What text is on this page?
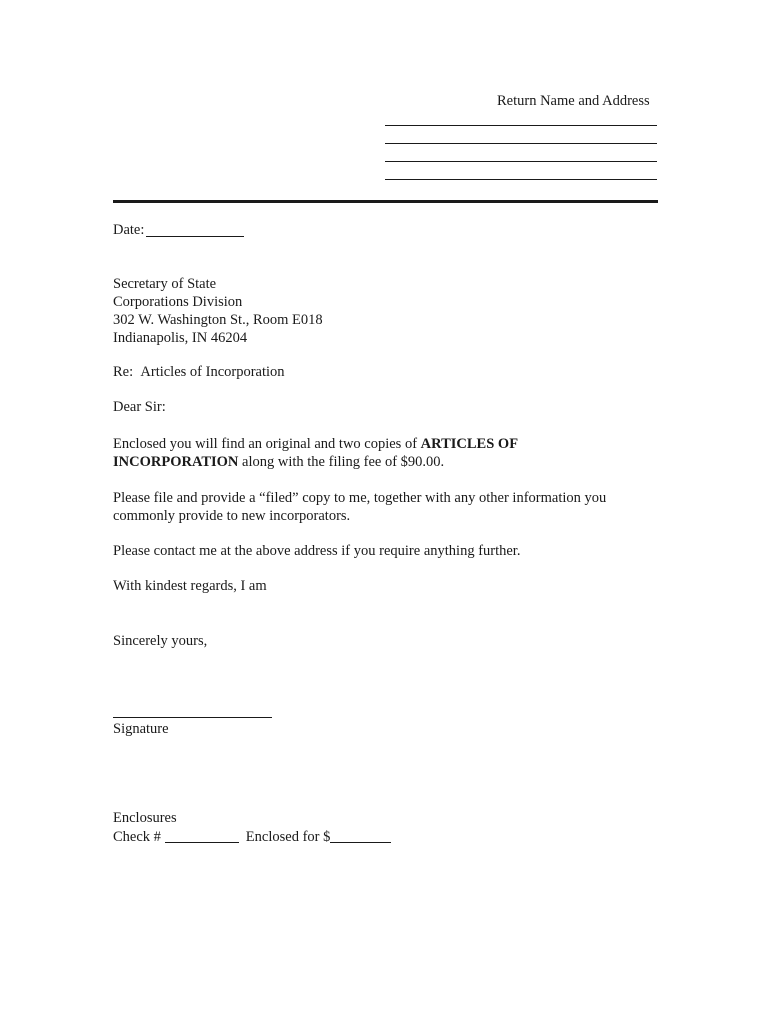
Return Name and Address
Date:
Secretary of State
Corporations Division
302 W. Washington St., Room E018
Indianapolis, IN 46204
Re: Articles of Incorporation
Dear Sir:
Enclosed you will find an original and two copies of ARTICLES OF
INCORPORATION along with the filing fee of $90.00.
Please file and provide a “filed” copy to me, together with any other information you
commonly provide to new incorporators.
Please contact me at the above address if you require anything further.
With kindest regards, I am
Sincerely yours,
Signature
Enclosures
Check #	Enclosed for $
